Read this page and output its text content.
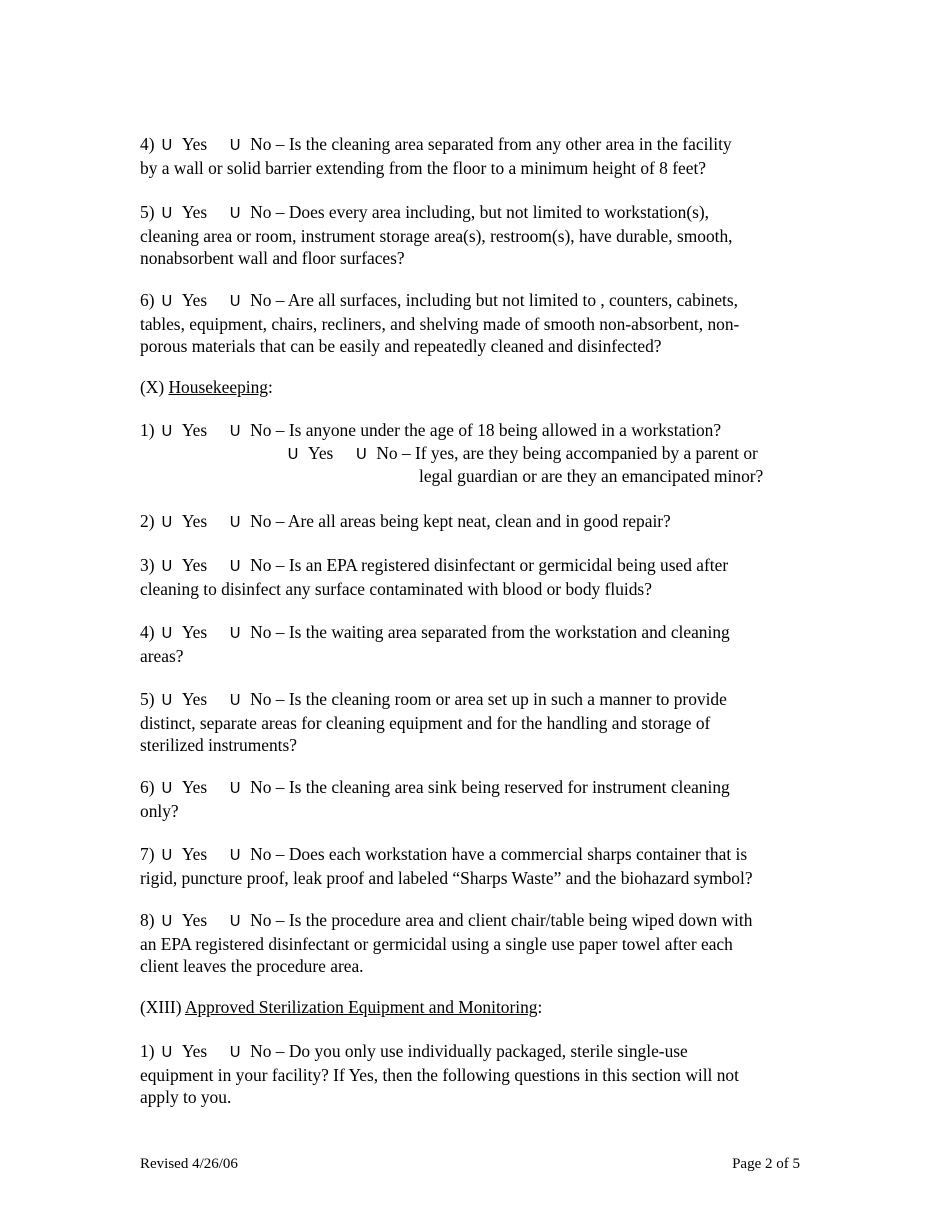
4) U Yes U No – Is the cleaning area separated from any other area in the facility
by a wall or solid barrier extending from the floor to a minimum height of 8 feet?
5) U Yes U No – Does every area including, but not limited to workstation(s),
cleaning area or room, instrument storage area(s), restroom(s), have durable, smooth,
nonabsorbent wall and floor surfaces?
6) U Yes U No – Are all surfaces, including but not limited to , counters, cabinets,
tables, equipment, chairs, recliners, and shelving made of smooth non-absorbent, non-
porous materials that can be easily and repeatedly cleaned and disinfected?
(X) Housekeeping:
1) U Yes U No – Is anyone under the age of 18 being allowed in a workstation?
U Yes U No – If yes, are they being accompanied by a parent or
legal guardian or are they an emancipated minor?
2) U Yes U No – Are all areas being kept neat, clean and in good repair?
3) U Yes U No – Is an EPA registered disinfectant or germicidal being used after
cleaning to disinfect any surface contaminated with blood or body fluids?
4) U Yes U No – Is the waiting area separated from the workstation and cleaning
areas?
5) U Yes U No – Is the cleaning room or area set up in such a manner to provide
distinct, separate areas for cleaning equipment and for the handling and storage of
sterilized instruments?
6) U Yes U No – Is the cleaning area sink being reserved for instrument cleaning
only?
7) U Yes U No – Does each workstation have a commercial sharps container that is
rigid, puncture proof, leak proof and labeled “Sharps Waste” and the biohazard symbol?
8) U Yes U No – Is the procedure area and client chair/table being wiped down with
an EPA registered disinfectant or germicidal using a single use paper towel after each
client leaves the procedure area.
(XIII) Approved Sterilization Equipment and Monitoring:
1) U Yes U No – Do you only use individually packaged, sterile single-use
equipment in your facility? If Yes, then the following questions in this section will not
apply to you.
Revised 4/26/06	Page 2 of 5
